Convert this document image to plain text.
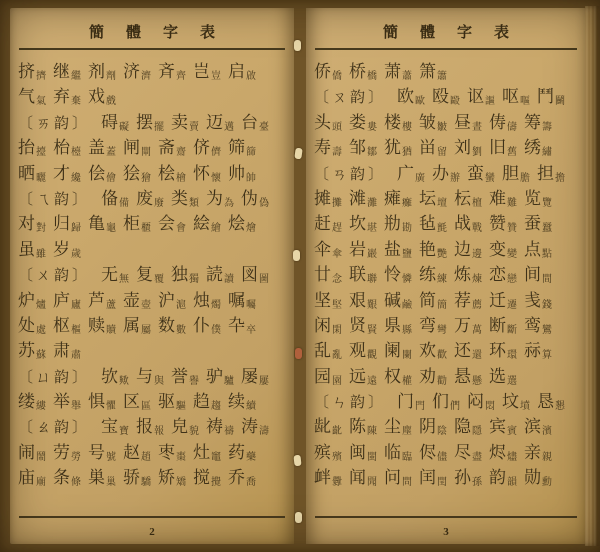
簡體字表
挤擠 继繼 剂劑 济濟 斉齊 岂豈 启啟
气氣 弃棄 戏戲
〔ㄞ韵〕 碍礙 摆擺 卖賣 迈邁 台臺
抬擡 枱檯 盖蓋 闸閘 斋齋 侪儕 筛篩
晒曬 才纔 侩儈 狯獪 桧檜 怀懷 帅帥
〔ㄟ韵〕 俻備 废廢 类類 为為 伪偽
对對 归歸 亀龜 柜櫃 会會 絵繪 烩燴
虽雖 岁歲
〔ㄨ韵〕 无無 复覆 独獨 読讀 図圖
炉爐 庐廬 芦蘆 壶壺 沪滬 烛燭 嘱囑
处處 枢樞 赎贖 属屬 数數 仆僕 卆卒
苏蘇 肃肅
〔ㄩ韵〕 欤歟 与與 誉譽 驴驢 屡屢
缕縷 举舉 惧懼 区區 驱驅 趋趨 续續
〔ㄠ韵〕 宝寶 报報 皃貌 祷禱 涛濤
闹鬧 劳勞 号號 赵趙 枣棗 灶竈 药藥
庙廟 条條 巣巢 骄驕 矫矯 搅攪 乔喬
2
簡體字表
侨僑 桥橋 萧蕭 箫簫
〔ㄡ韵〕 欧歐 殴毆 讴謳 呕嘔 鬥鬭
头頭 娄婁 楼樓 皱皺 昼晝 俦儔 筹籌
寿壽 邹鄒 犹猶 畄留 刘劉 旧舊 绣繡
〔ㄢ韵〕 广廣 办辦 蛮蠻 胆膽 担擔
摊攤 滩灘 瘫癱 坛壇 枟檀 难難 览覽
赶趕 坎堪 㔙勘 毡氈 战戰 赞贊 蚕蠶
伞傘 岩巖 盐鹽 艳艷 边邊 变變 点點
廿念 联聯 怜憐 练練 炼煉 恋戀 间間
坚堅 艰艱 碱鹼 简簡 荐薦 迁遷 㦮錢
闲閑 贤賢 県縣 弯彎 万萬 断斷 鸾鸞
乱亂 观觀 阑闌 欢歡 还還 环環 祘算
园園 远遠 权權 劝勸 悬懸 选選
〔ㄣ韵〕 门門 们們 闷悶 坟墳 恳懇
龀齔 陈陳 尘塵 阴陰 隐隱 宾賓 滨濱
殡殯 闽閩 临臨 侭儘 尽盡 烬燼 亲親
衅釁 闻聞 问問 闰閏 孙孫 韵韻 勋勳
3
